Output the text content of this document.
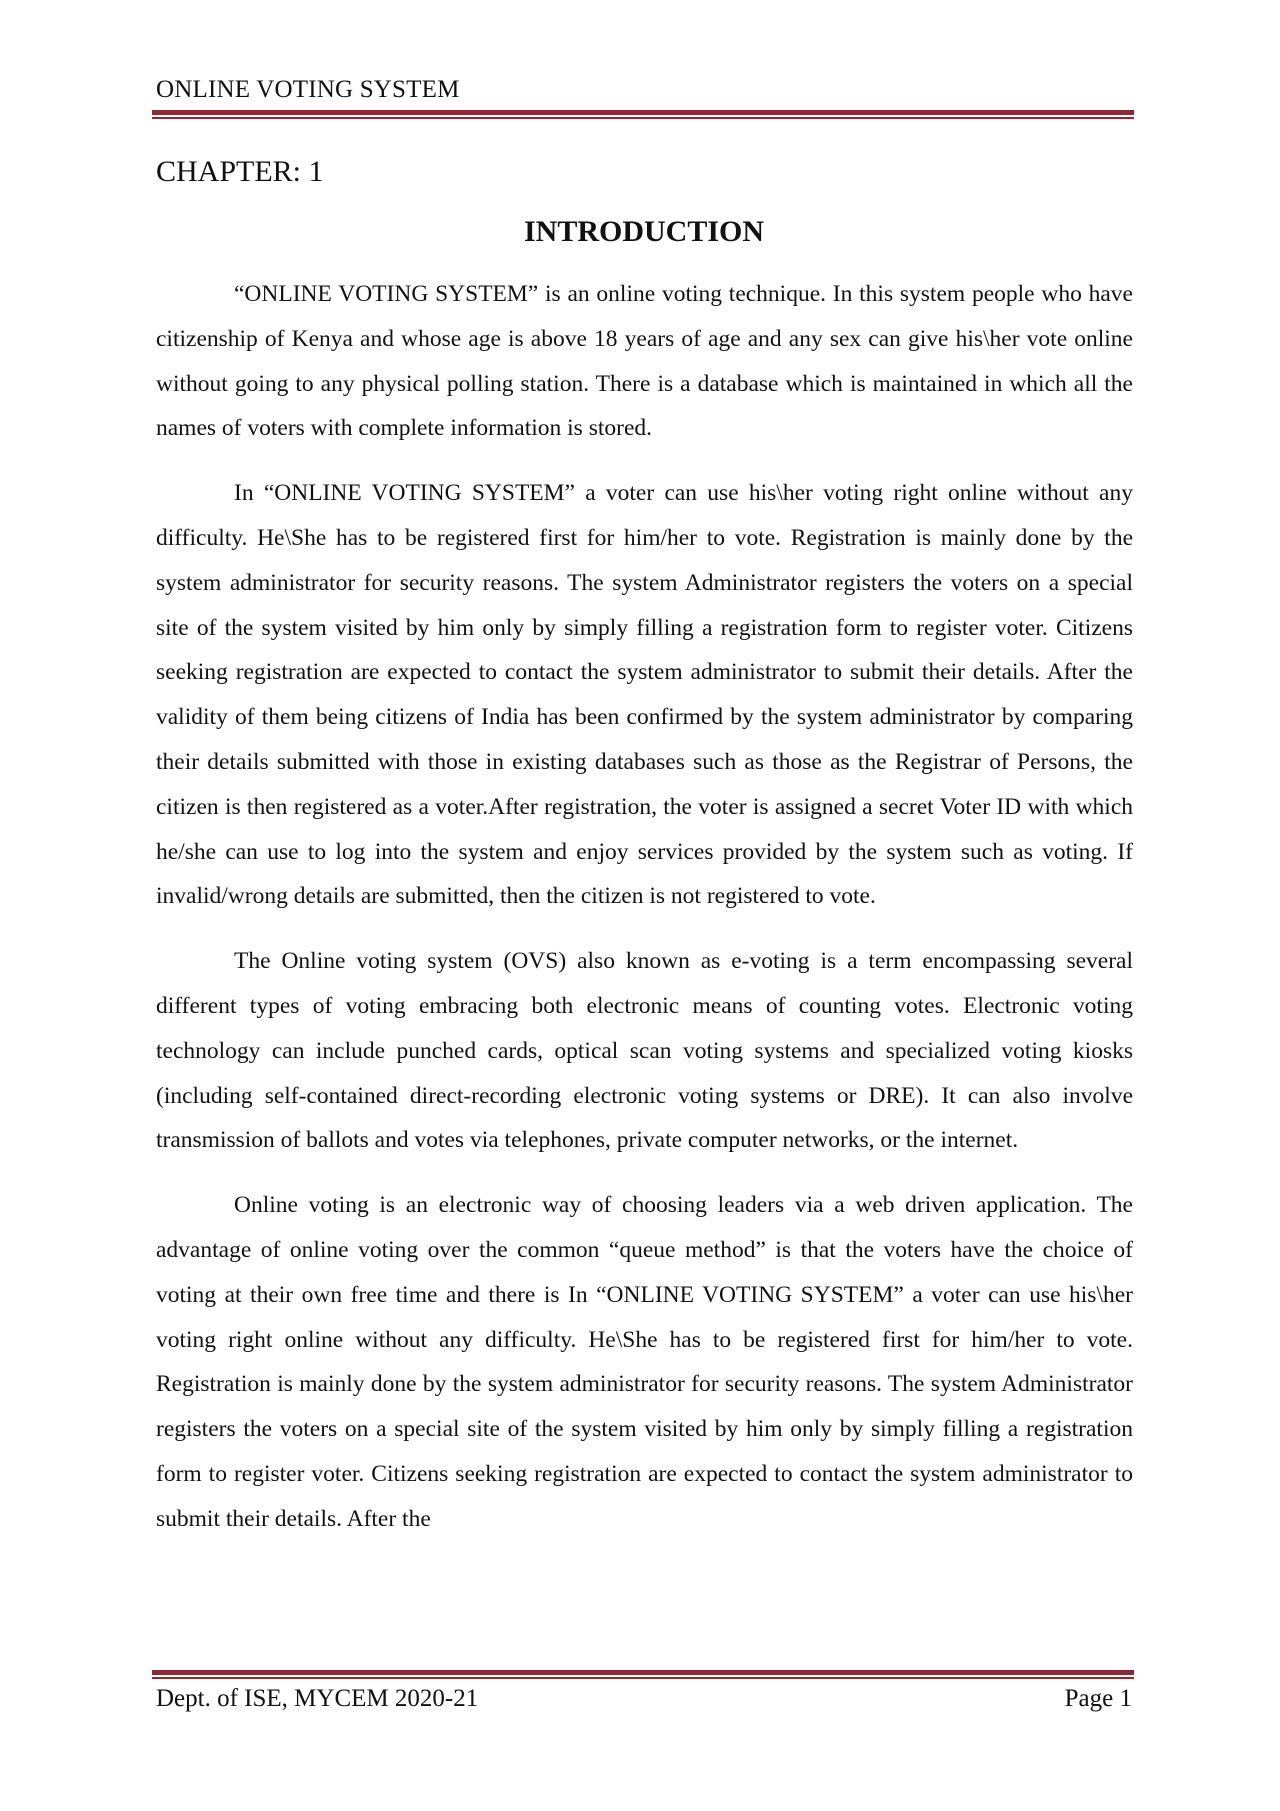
ONLINE VOTING SYSTEM
CHAPTER: 1
INTRODUCTION

“ONLINE VOTING SYSTEM” is an online voting technique. In this system people who have citizenship of Kenya and whose age is above 18 years of age and any sex can give his\her vote online without going to any physical polling station. There is a database which is maintained in which all the names of voters with complete information is stored.

In “ONLINE VOTING SYSTEM” a voter can use his\her voting right online without any difficulty. He\She has to be registered first for him/her to vote. Registration is mainly done by the system administrator for security reasons. The system Administrator registers the voters on a special site of the system visited by him only by simply filling a registration form to register voter. Citizens seeking registration are expected to contact the system administrator to submit their details. After the validity of them being citizens of India has been confirmed by the system administrator by comparing their details submitted with those in existing databases such as those as the Registrar of Persons, the citizen is then registered as a voter.After registration, the voter is assigned a secret Voter ID with which he/she can use to log into the system and enjoy services provided by the system such as voting. If invalid/wrong details are submitted, then the citizen is not registered to vote.

The Online voting system (OVS) also known as e-voting is a term encompassing several different types of voting embracing both electronic means of counting votes. Electronic voting technology can include punched cards, optical scan voting systems and specialized voting kiosks (including self-contained direct-recording electronic voting systems or DRE). It can also involve transmission of ballots and votes via telephones, private computer networks, or the internet.

Online voting is an electronic way of choosing leaders via a web driven application. The advantage of online voting over the common “queue method” is that the voters have the choice of voting at their own free time and there is In “ONLINE VOTING SYSTEM” a voter can use his\her voting right online without any difficulty. He\She has to be registered first for him/her to vote. Registration is mainly done by the system administrator for security reasons. The system Administrator registers the voters on a special site of the system visited by him only by simply filling a registration form to register voter. Citizens seeking registration are expected to contact the system administrator to submit their details. After the

Dept. of ISE, MYCEM 2020-21	Page 1
